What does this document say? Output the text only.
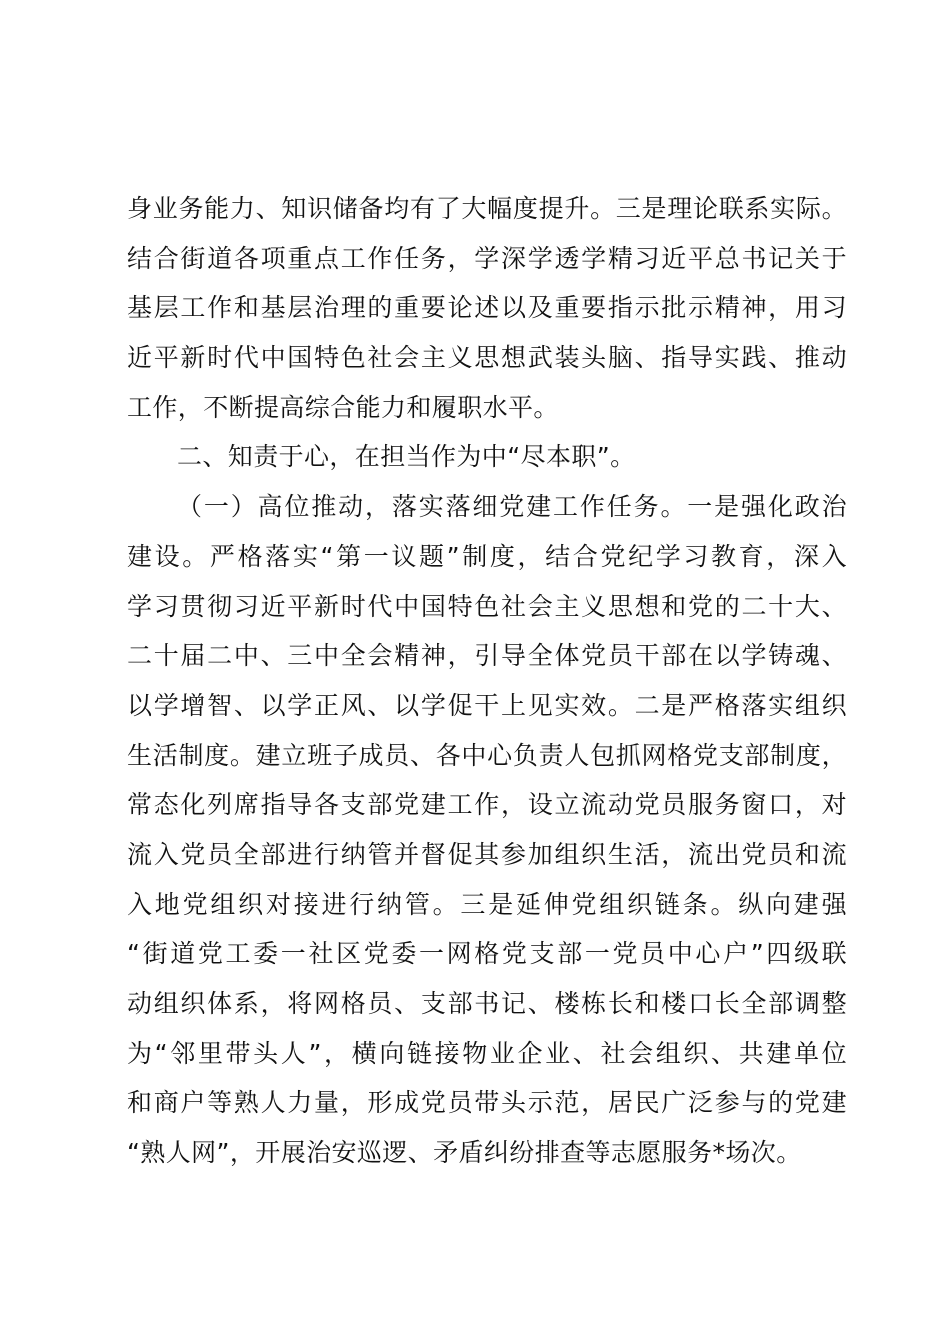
身业务能力、知识储备均有了大幅度提升。三是理论联系实际。
结合街道各项重点工作任务，学深学透学精习近平总书记关于
基层工作和基层治理的重要论述以及重要指示批示精神，用习
近平新时代中国特色社会主义思想武装头脑、指导实践、推动
工作，不断提高综合能力和履职水平。
二、知责于心，在担当作为中“尽本职”。
（一）高位推动，落实落细党建工作任务。一是强化政治
建设。严格落实“第一议题”制度，结合党纪学习教育，深入
学习贯彻习近平新时代中国特色社会主义思想和党的二十大、
二十届二中、三中全会精神，引导全体党员干部在以学铸魂、
以学增智、以学正风、以学促干上见实效。二是严格落实组织
生活制度。建立班子成员、各中心负责人包抓网格党支部制度，
常态化列席指导各支部党建工作，设立流动党员服务窗口，对
流入党员全部进行纳管并督促其参加组织生活，流出党员和流
入地党组织对接进行纳管。三是延伸党组织链条。纵向建强
“街道党工委一社区党委一网格党支部一党员中心户”四级联
动组织体系，将网格员、支部书记、楼栋长和楼口长全部调整
为“邻里带头人”，横向链接物业企业、社会组织、共建单位
和商户等熟人力量，形成党员带头示范，居民广泛参与的党建
“熟人网”，开展治安巡逻、矛盾纠纷排查等志愿服务*场次。
